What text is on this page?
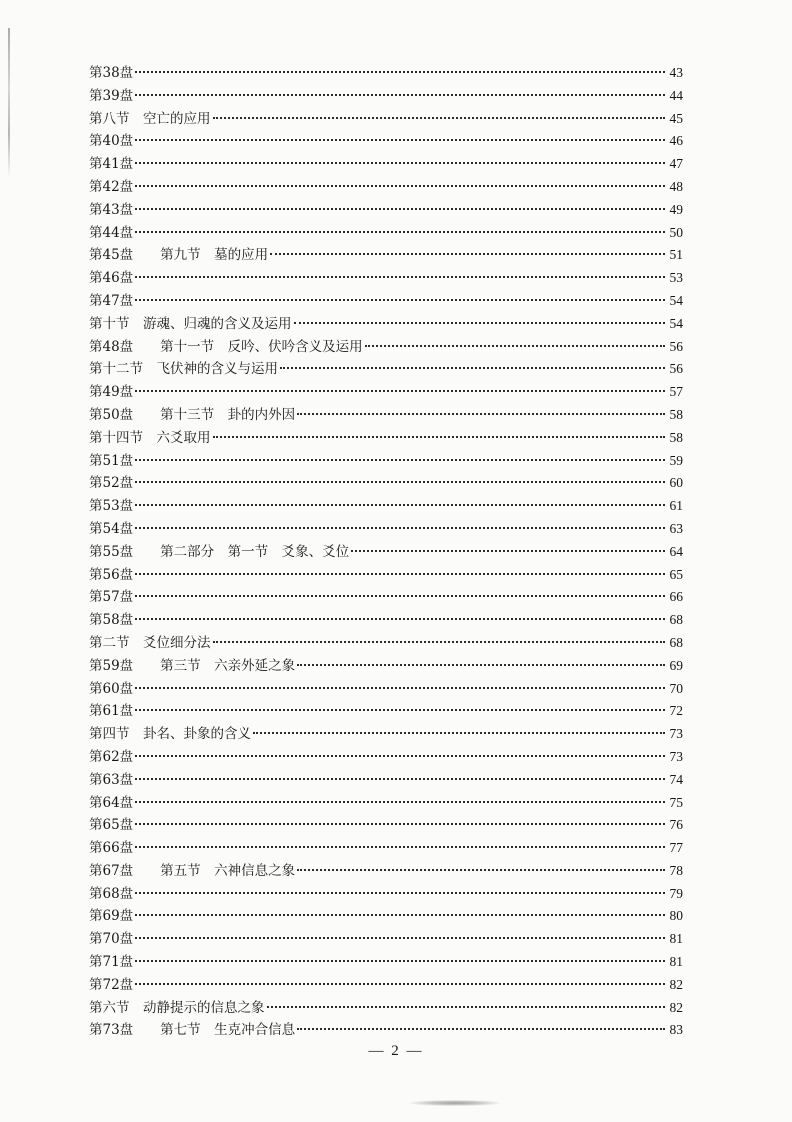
第38盘	43
第39盘	44
第八节　空亡的应用	45
第40盘	46
第41盘	47
第42盘	48
第43盘	49
第44盘	50
第45盘　　第九节　墓的应用	51
第46盘	53
第47盘	54
第十节　游魂、归魂的含义及运用	54
第48盘　　第十一节　反吟、伏吟含义及运用	56
第十二节　飞伏神的含义与运用	56
第49盘	57
第50盘　　第十三节　卦的内外因	58
第十四节　六爻取用	58
第51盘	59
第52盘	60
第53盘	61
第54盘	63
第55盘　　第二部分　第一节　爻象、爻位	64
第56盘	65
第57盘	66
第58盘	68
第二节　爻位细分法	68
第59盘　　第三节　六亲外延之象	69
第60盘	70
第61盘	72
第四节　卦名、卦象的含义	73
第62盘	73
第63盘	74
第64盘	75
第65盘	76
第66盘	77
第67盘　　第五节　六神信息之象	78
第68盘	79
第69盘	80
第70盘	81
第71盘	81
第72盘	82
第六节　动静提示的信息之象	82
第73盘　　第七节　生克冲合信息	83
— 2 —
